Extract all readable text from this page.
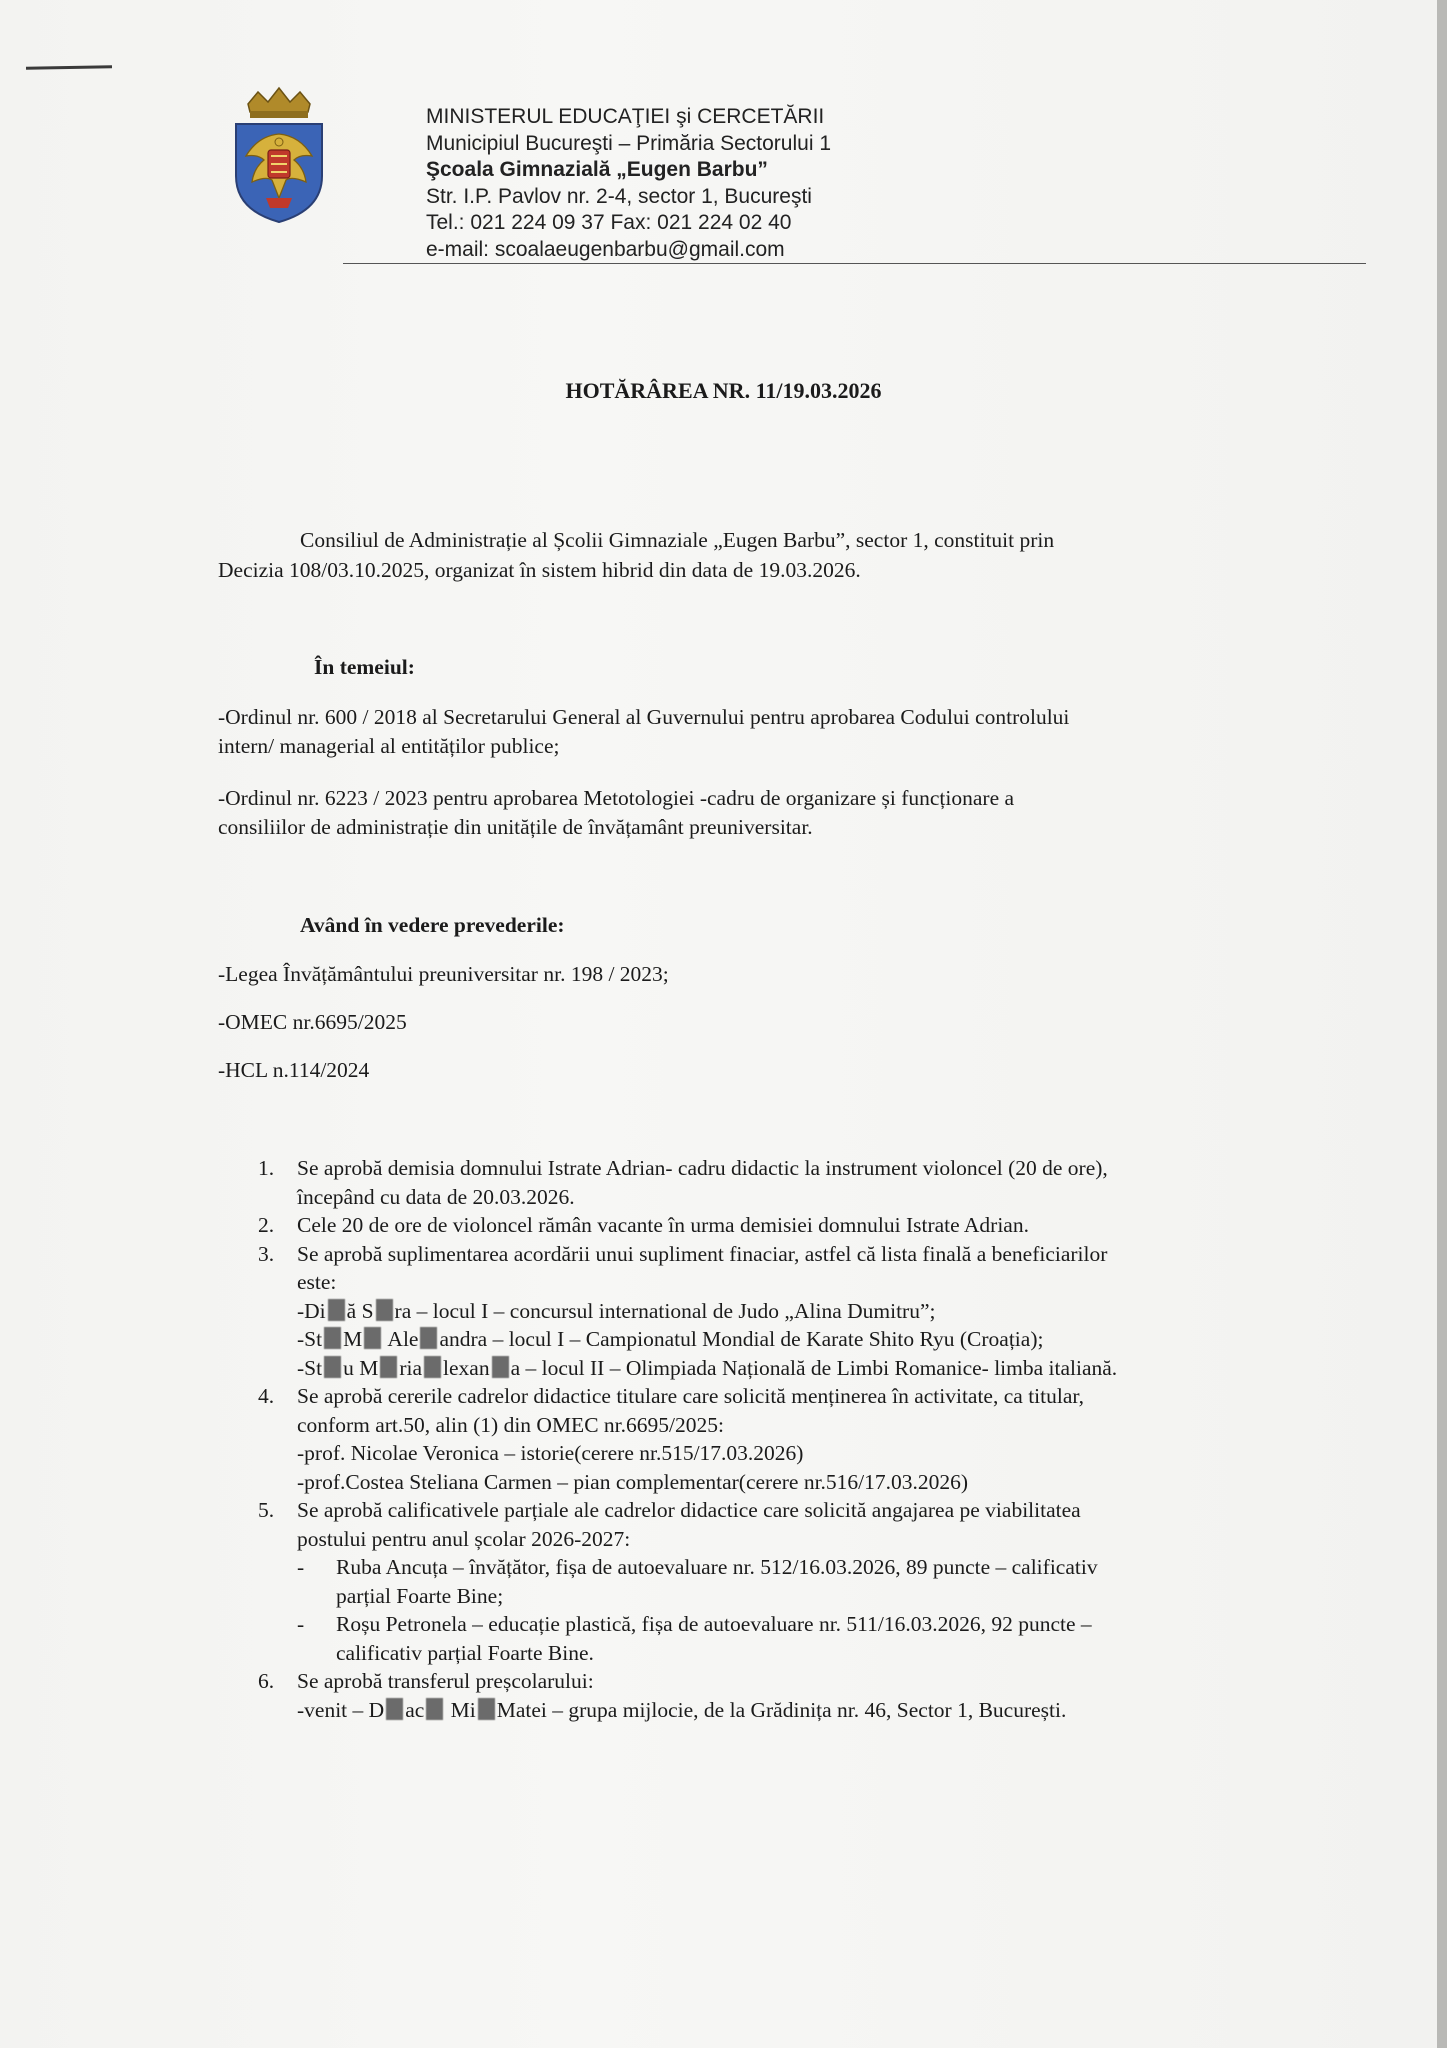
MINISTERUL EDUCAŢIEI şi CERCETĂRII
Municipiul Bucureşti – Primăria Sectorului 1
Şcoala Gimnazială „Eugen Barbu”
Str. I.P. Pavlov nr. 2-4, sector 1, Bucureşti
Tel.: 021 224 09 37 Fax: 021 224 02 40
e-mail: scoalaeugenbarbu@gmail.com
HOTĂRÂREA NR. 11/19.03.2026
Consiliul de Administrație al Școlii Gimnaziale „Eugen Barbu”, sector 1, constituit prin
Decizia 108/03.10.2025, organizat în sistem hibrid din data de 19.03.2026.
În temeiul:
-Ordinul nr. 600 / 2018 al Secretarului General al Guvernului pentru aprobarea Codului controlului
intern/ managerial al entităților publice;
-Ordinul nr. 6223 / 2023 pentru aprobarea Metotologiei -cadru de organizare și funcționare a
consiliilor de administrație din unitățile de învățamânt preuniversitar.
Având în vedere prevederile:
-Legea Învățământului preuniversitar nr. 198 / 2023;
-OMEC nr.6695/2025
-HCL n.114/2024
1. Se aprobă demisia domnului Istrate Adrian- cadru didactic la instrument violoncel (20 de ore),
începând cu data de 20.03.2026.
2. Cele 20 de ore de violoncel rămân vacante în urma demisiei domnului Istrate Adrian.
3. Se aprobă suplimentarea acordării unui supliment finaciar, astfel că lista finală a beneficiarilor
este:
-Di ă S ra – locul I – concursul international de Judo „Alina Dumitru”;
-St M Ale andra – locul I – Campionatul Mondial de Karate Shito Ryu (Croația);
-St u M ria lexan a – locul II – Olimpiada Națională de Limbi Romanice- limba italiană.
4. Se aprobă cererile cadrelor didactice titulare care solicită menținerea în activitate, ca titular,
conform art.50, alin (1) din OMEC nr.6695/2025:
-prof. Nicolae Veronica – istorie(cerere nr.515/17.03.2026)
-prof.Costea Steliana Carmen – pian complementar(cerere nr.516/17.03.2026)
5. Se aprobă calificativele parțiale ale cadrelor didactice care solicită angajarea pe viabilitatea
postului pentru anul școlar 2026-2027:
- Ruba Ancuța – învățător, fișa de autoevaluare nr. 512/16.03.2026, 89 puncte – calificativ
parțial Foarte Bine;
- Roșu Petronela – educație plastică, fișa de autoevaluare nr. 511/16.03.2026, 92 puncte –
calificativ parțial Foarte Bine.
6. Se aprobă transferul preșcolarului:
-venit – D ac Mi Matei – grupa mijlocie, de la Grădinița nr. 46, Sector 1, București.
